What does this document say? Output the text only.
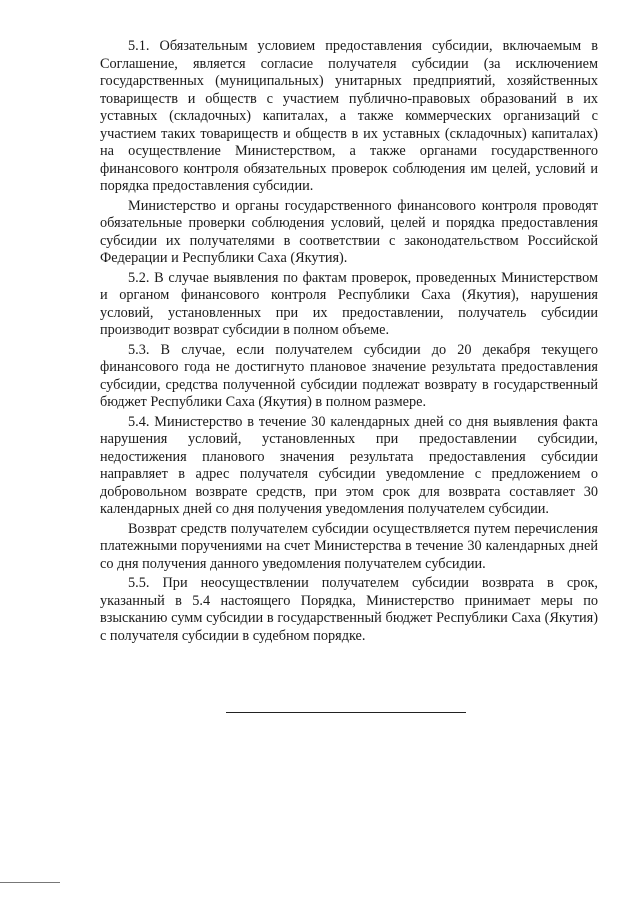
5.1. Обязательным условием предоставления субсидии, включаемым в Соглашение, является согласие получателя субсидии (за исключением государственных (муниципальных) унитарных предприятий, хозяйственных товариществ и обществ с участием публично-правовых образований в их уставных (складочных) капиталах, а также коммерческих организаций с участием таких товариществ и обществ в их уставных (складочных) капиталах) на осуществление Министерством, а также органами государственного финансового контроля обязательных проверок соблюдения им целей, условий и порядка предоставления субсидии.

Министерство и органы государственного финансового контроля проводят обязательные проверки соблюдения условий, целей и порядка предоставления субсидии их получателями в соответствии с законодательством Российской Федерации и Республики Саха (Якутия).

5.2. В случае выявления по фактам проверок, проведенных Министерством и органом финансового контроля Республики Саха (Якутия), нарушения условий, установленных при их предоставлении, получатель субсидии производит возврат субсидии в полном объеме.

5.3. В случае, если получателем субсидии до 20 декабря текущего финансового года не достигнуто плановое значение результата предоставления субсидии, средства полученной субсидии подлежат возврату в государственный бюджет Республики Саха (Якутия) в полном размере.

5.4. Министерство в течение 30 календарных дней со дня выявления факта нарушения условий, установленных при предоставлении субсидии, недостижения планового значения результата предоставления субсидии направляет в адрес получателя субсидии уведомление с предложением о добровольном возврате средств, при этом срок для возврата составляет 30 календарных дней со дня получения уведомления получателем субсидии.

Возврат средств получателем субсидии осуществляется путем перечисления платежными поручениями на счет Министерства в течение 30 календарных дней со дня получения данного уведомления получателем субсидии.

5.5. При неосуществлении получателем субсидии возврата в срок, указанный в 5.4 настоящего Порядка, Министерство принимает меры по взысканию сумм субсидии в государственный бюджет Республики Саха (Якутия) с получателя субсидии в судебном порядке.
